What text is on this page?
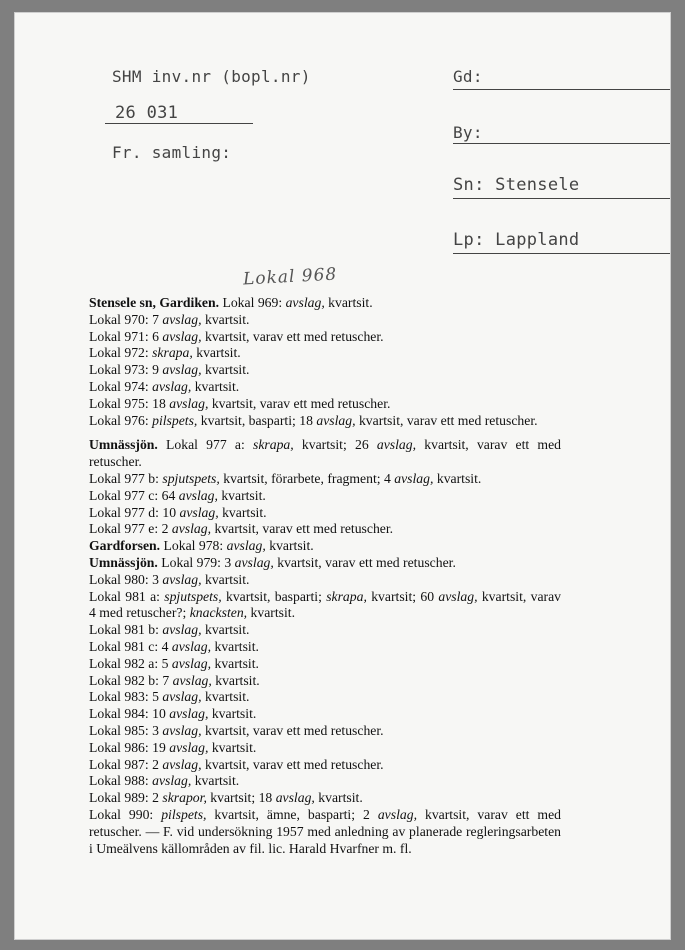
SHM inv.nr (bopl.nr)
26 031
Fr. samling:
Gd:
By:
Sn: Stensele
Lp: Lappland
Lokal 968

Stensele sn, Gardiken. Lokal 969: avslag, kvartsit.

Lokal 970: 7 avslag, kvartsit.

Lokal 971: 6 avslag, kvartsit, varav ett med retuscher.

Lokal 972: skrapa, kvartsit.

Lokal 973: 9 avslag, kvartsit.

Lokal 974: avslag, kvartsit.

Lokal 975: 18 avslag, kvartsit, varav ett med retuscher.

Lokal 976: pilspets, kvartsit, basparti; 18 avslag, kvartsit, varav ett med retuscher.

Umnässjön. Lokal 977 a: skrapa, kvartsit; 26 avslag, kvartsit, varav ett med retuscher.

Lokal 977 b: spjutspets, kvartsit, förarbete, fragment; 4 avslag, kvartsit.

Lokal 977 c: 64 avslag, kvartsit.

Lokal 977 d: 10 avslag, kvartsit.

Lokal 977 e: 2 avslag, kvartsit, varav ett med retuscher.

Gardforsen. Lokal 978: avslag, kvartsit.

Umnässjön. Lokal 979: 3 avslag, kvartsit, varav ett med retuscher.

Lokal 980: 3 avslag, kvartsit.

Lokal 981 a: spjutspets, kvartsit, basparti; skrapa, kvartsit; 60 avslag, kvartsit, varav 4 med retuscher?; knacksten, kvartsit.

Lokal 981 b: avslag, kvartsit.

Lokal 981 c: 4 avslag, kvartsit.

Lokal 982 a: 5 avslag, kvartsit.

Lokal 982 b: 7 avslag, kvartsit.

Lokal 983: 5 avslag, kvartsit.

Lokal 984: 10 avslag, kvartsit.

Lokal 985: 3 avslag, kvartsit, varav ett med retuscher.

Lokal 986: 19 avslag, kvartsit.

Lokal 987: 2 avslag, kvartsit, varav ett med retuscher.

Lokal 988: avslag, kvartsit.

Lokal 989: 2 skrapor, kvartsit; 18 avslag, kvartsit.

Lokal 990: pilspets, kvartsit, ämne, basparti; 2 avslag, kvartsit, varav ett med retuscher. — F. vid undersökning 1957 med anledning av planerade regleringsarbeten i Umeälvens källområden av fil. lic. Harald Hvarfner m. fl.
